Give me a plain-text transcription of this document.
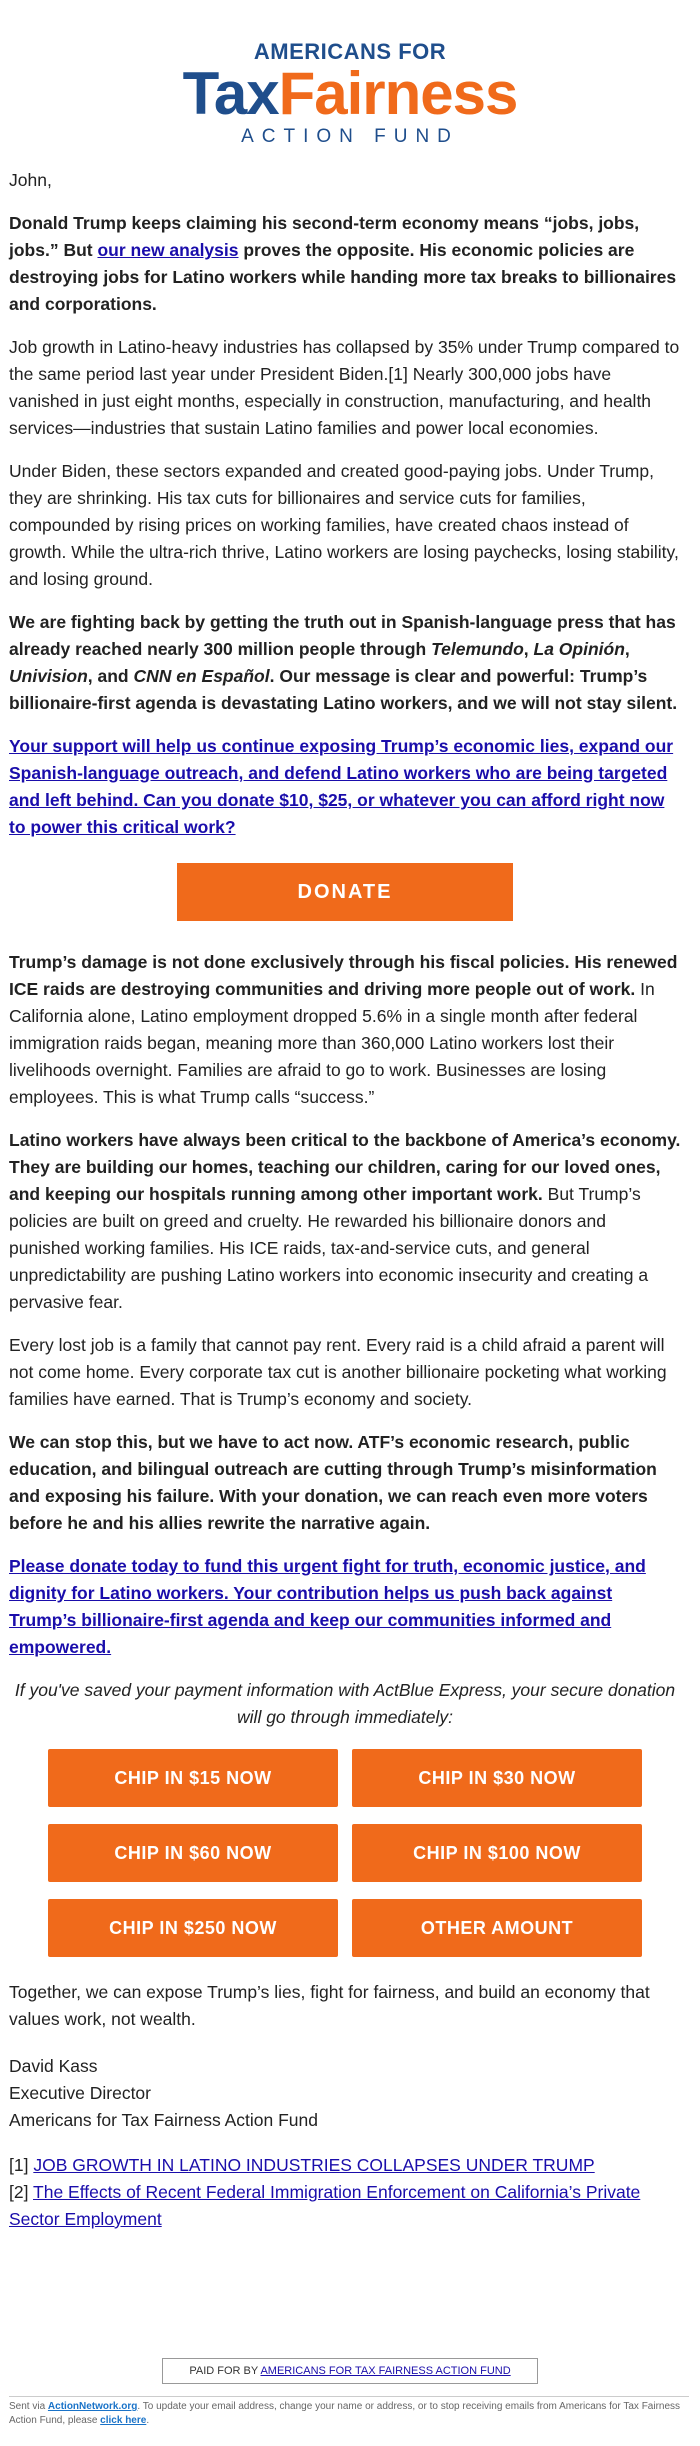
AMERICANS FOR
TaxFairness
ACTION FUND

John,

Donald Trump keeps claiming his second-term economy means “jobs, jobs, jobs.” But our new analysis proves the opposite. His economic policies are destroying jobs for Latino workers while handing more tax breaks to billionaires and corporations.

Job growth in Latino-heavy industries has collapsed by 35% under Trump compared to the same period last year under President Biden.[1] Nearly 300,000 jobs have vanished in just eight months, especially in construction, manufacturing, and health services—industries that sustain Latino families and power local economies.

Under Biden, these sectors expanded and created good-paying jobs. Under Trump, they are shrinking. His tax cuts for billionaires and service cuts for families, compounded by rising prices on working families, have created chaos instead of growth. While the ultra-rich thrive, Latino workers are losing paychecks, losing stability, and losing ground.

We are fighting back by getting the truth out in Spanish-language press that has already reached nearly 300 million people through Telemundo, La Opinión, Univision, and CNN en Español. Our message is clear and powerful: Trump’s billionaire-first agenda is devastating Latino workers, and we will not stay silent.

Your support will help us continue exposing Trump’s economic lies, expand our Spanish-language outreach, and defend Latino workers who are being targeted and left behind. Can you donate $10, $25, or whatever you can afford right now to power this critical work?

DONATE

Trump’s damage is not done exclusively through his fiscal policies. His renewed ICE raids are destroying communities and driving more people out of work. In California alone, Latino employment dropped 5.6% in a single month after federal immigration raids began, meaning more than 360,000 Latino workers lost their livelihoods overnight. Families are afraid to go to work. Businesses are losing employees. This is what Trump calls “success.”

Latino workers have always been critical to the backbone of America’s economy. They are building our homes, teaching our children, caring for our loved ones, and keeping our hospitals running among other important work. But Trump’s policies are built on greed and cruelty. He rewarded his billionaire donors and punished working families. His ICE raids, tax-and-service cuts, and general unpredictability are pushing Latino workers into economic insecurity and creating a pervasive fear.

Every lost job is a family that cannot pay rent. Every raid is a child afraid a parent will not come home. Every corporate tax cut is another billionaire pocketing what working families have earned. That is Trump’s economy and society.

We can stop this, but we have to act now. ATF’s economic research, public education, and bilingual outreach are cutting through Trump’s misinformation and exposing his failure. With your donation, we can reach even more voters before he and his allies rewrite the narrative again.

Please donate today to fund this urgent fight for truth, economic justice, and dignity for Latino workers. Your contribution helps us push back against Trump’s billionaire-first agenda and keep our communities informed and empowered.

If you've saved your payment information with ActBlue Express, your secure donation will go through immediately:

CHIP IN $15 NOW	CHIP IN $30 NOW
CHIP IN $60 NOW	CHIP IN $100 NOW
CHIP IN $250 NOW	OTHER AMOUNT

Together, we can expose Trump’s lies, fight for fairness, and build an economy that values work, not wealth.

David Kass
Executive Director
Americans for Tax Fairness Action Fund
[1] JOB GROWTH IN LATINO INDUSTRIES COLLAPSES UNDER TRUMP
[2] The Effects of Recent Federal Immigration Enforcement on California’s Private Sector Employment
PAID FOR BY AMERICANS FOR TAX FAIRNESS ACTION FUND
Sent via ActionNetwork.org. To update your email address, change your name or address, or to stop receiving emails from Americans for Tax Fairness Action Fund, please click here.
